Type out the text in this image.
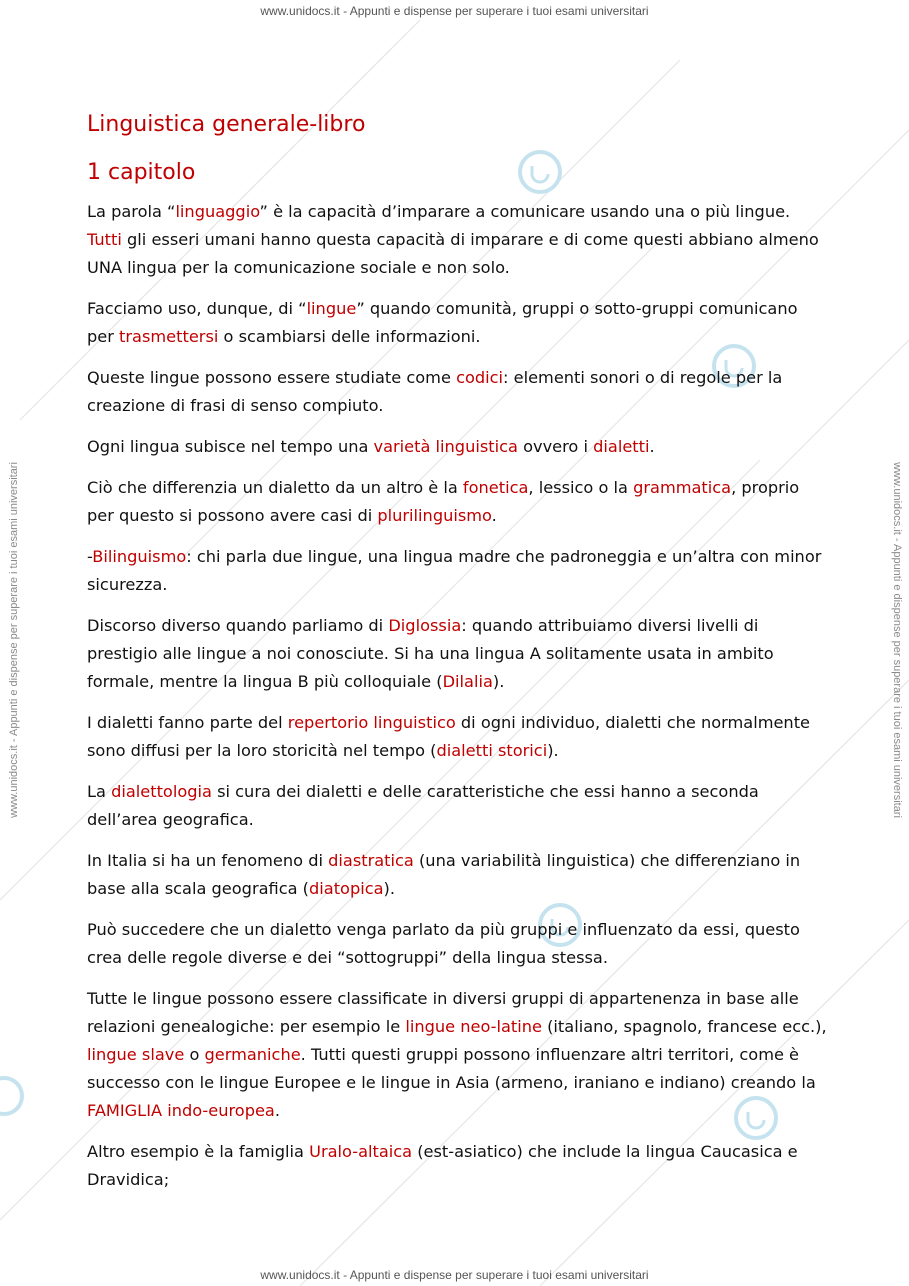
www.unidocs.it - Appunti e dispense per superare i tuoi esami universitari
www.unidocs.it - Appunti e dispense per superare i tuoi esami universitari
www.unidocs.it - Appunti e dispense per superare i tuoi esami universitari	www.unidocs.it - Appunti e dispense per superare i tuoi esami universitari
Linguistica generale-libro
1 capitolo

La parola “linguaggio” è la capacità d’imparare a comunicare usando una o più lingue. Tutti gli esseri umani hanno questa capacità di imparare e di come questi abbiano almeno UNA lingua per la comunicazione sociale e non solo.

Facciamo uso, dunque, di “lingue” quando comunità, gruppi o sotto-gruppi comunicano per trasmettersi o scambiarsi delle informazioni.

Queste lingue possono essere studiate come codici: elementi sonori o di regole per la creazione di frasi di senso compiuto.

Ogni lingua subisce nel tempo una varietà linguistica ovvero i dialetti.

Ciò che differenzia un dialetto da un altro è la fonetica, lessico o la grammatica, proprio per questo si possono avere casi di plurilinguismo.

-Bilinguismo: chi parla due lingue, una lingua madre che padroneggia e un’altra con minor sicurezza.

Discorso diverso quando parliamo di Diglossia: quando attribuiamo diversi livelli di prestigio alle lingue a noi conosciute. Si ha una lingua A solitamente usata in ambito formale, mentre la lingua B più colloquiale (Dilalia).

I dialetti fanno parte del repertorio linguistico di ogni individuo, dialetti che normalmente sono diffusi per la loro storicità nel tempo (dialetti storici).

La dialettologia si cura dei dialetti e delle caratteristiche che essi hanno a seconda dell’area geografica.

In Italia si ha un fenomeno di diastratica (una variabilità linguistica) che differenziano in base alla scala geografica (diatopica).

Può succedere che un dialetto venga parlato da più gruppi e influenzato da essi, questo crea delle regole diverse e dei “sottogruppi” della lingua stessa.

Tutte le lingue possono essere classificate in diversi gruppi di appartenenza in base alle relazioni genealogiche: per esempio le lingue neo-latine (italiano, spagnolo, francese ecc.), lingue slave o germaniche. Tutti questi gruppi possono influenzare altri territori, come è successo con le lingue Europee e le lingue in Asia (armeno, iraniano e indiano) creando la FAMIGLIA indo-europea.

Altro esempio è la famiglia Uralo-altaica (est-asiatico) che include la lingua Caucasica e Dravidica;
